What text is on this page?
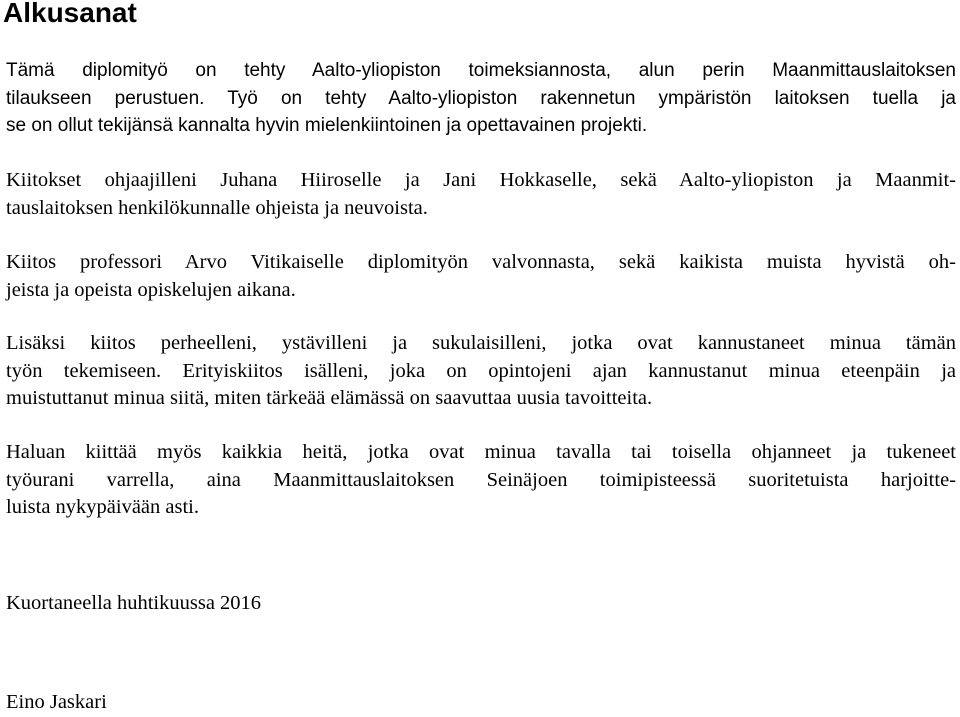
Alkusanat
Tämä diplomityö on tehty Aalto-yliopiston toimeksiannosta, alun perin Maanmittauslaitoksen
tilaukseen perustuen. Työ on tehty Aalto-yliopiston rakennetun ympäristön laitoksen tuella ja
se on ollut tekijänsä kannalta hyvin mielenkiintoinen ja opettavainen projekti.
Kiitokset ohjaajilleni Juhana Hiiroselle ja Jani Hokkaselle, sekä Aalto-yliopiston ja Maanmit-
tauslaitoksen henkilökunnalle ohjeista ja neuvoista.
Kiitos professori Arvo Vitikaiselle diplomityön valvonnasta, sekä kaikista muista hyvistä oh-
jeista ja opeista opiskelujen aikana.
Lisäksi kiitos perheelleni, ystävilleni ja sukulaisilleni, jotka ovat kannustaneet minua tämän
työn tekemiseen. Erityiskiitos isälleni, joka on opintojeni ajan kannustanut minua eteenpäin ja
muistuttanut minua siitä, miten tärkeää elämässä on saavuttaa uusia tavoitteita.
Haluan kiittää myös kaikkia heitä, jotka ovat minua tavalla tai toisella ohjanneet ja tukeneet
työurani varrella, aina Maanmittauslaitoksen Seinäjoen toimipisteessä suoritetuista harjoitte-
luista nykypäivään asti.

Kuortaneella huhtikuussa 2016

Eino Jaskari
